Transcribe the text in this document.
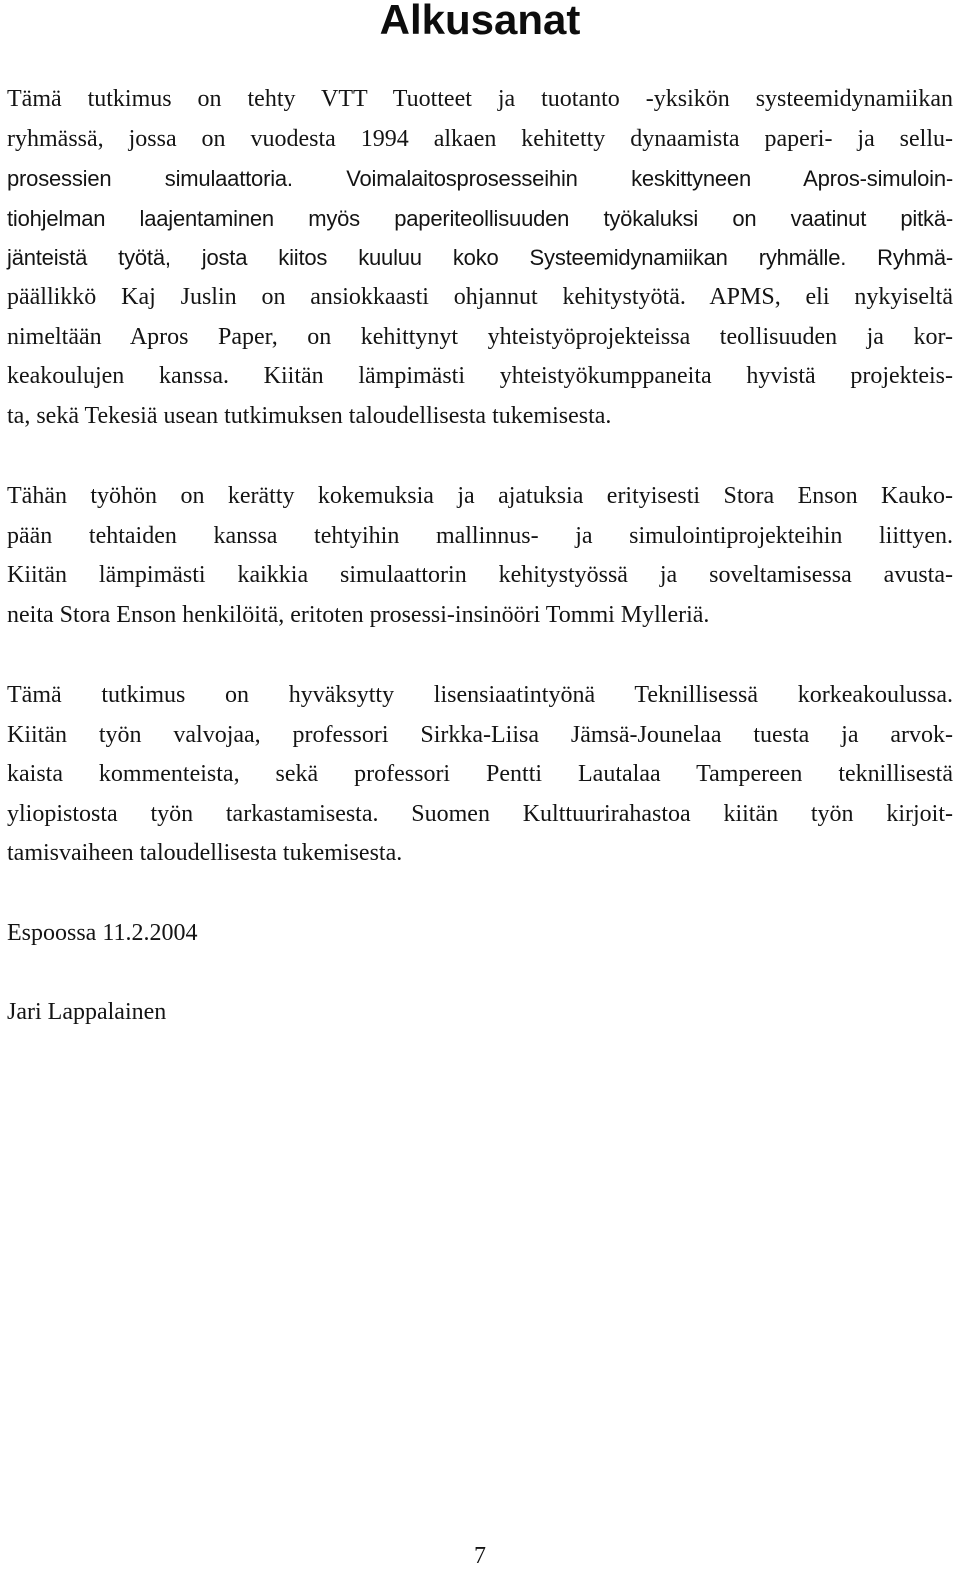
Alkusanat

Tämä tutkimus on tehty VTT Tuotteet ja tuotanto -yksikön systeemidynamiikan
ryhmässä, jossa on vuodesta 1994 alkaen kehitetty dynaamista paperi- ja sellu-
prosessien simulaattoria. Voimalaitosprosesseihin keskittyneen Apros-simuloin-
tiohjelman laajentaminen myös paperiteollisuuden työkaluksi on vaatinut pitkä-
jänteistä työtä, josta kiitos kuuluu koko Systeemidynamiikan ryhmälle. Ryhmä-
päällikkö Kaj Juslin on ansiokkaasti ohjannut kehitystyötä. APMS, eli nykyiseltä
nimeltään Apros Paper, on kehittynyt yhteistyöprojekteissa teollisuuden ja kor-
keakoulujen kanssa. Kiitän lämpimästi yhteistyökumppaneita hyvistä projekteis-
ta, sekä Tekesiä usean tutkimuksen taloudellisesta tukemisesta.

Tähän työhön on kerätty kokemuksia ja ajatuksia erityisesti Stora Enson Kauko-
pään tehtaiden kanssa tehtyihin mallinnus- ja simulointiprojekteihin liittyen.
Kiitän lämpimästi kaikkia simulaattorin kehitystyössä ja soveltamisessa avusta-
neita Stora Enson henkilöitä, eritoten prosessi-insinööri Tommi Mylleriä.

Tämä tutkimus on hyväksytty lisensiaatintyönä Teknillisessä korkeakoulussa.
Kiitän työn valvojaa, professori Sirkka-Liisa Jämsä-Jounelaa tuesta ja arvok-
kaista kommenteista, sekä professori Pentti Lautalaa Tampereen teknillisestä
yliopistosta työn tarkastamisesta. Suomen Kulttuurirahastoa kiitän työn kirjoit-
tamisvaiheen taloudellisesta tukemisesta.

Espoossa 11.2.2004

Jari Lappalainen

7
